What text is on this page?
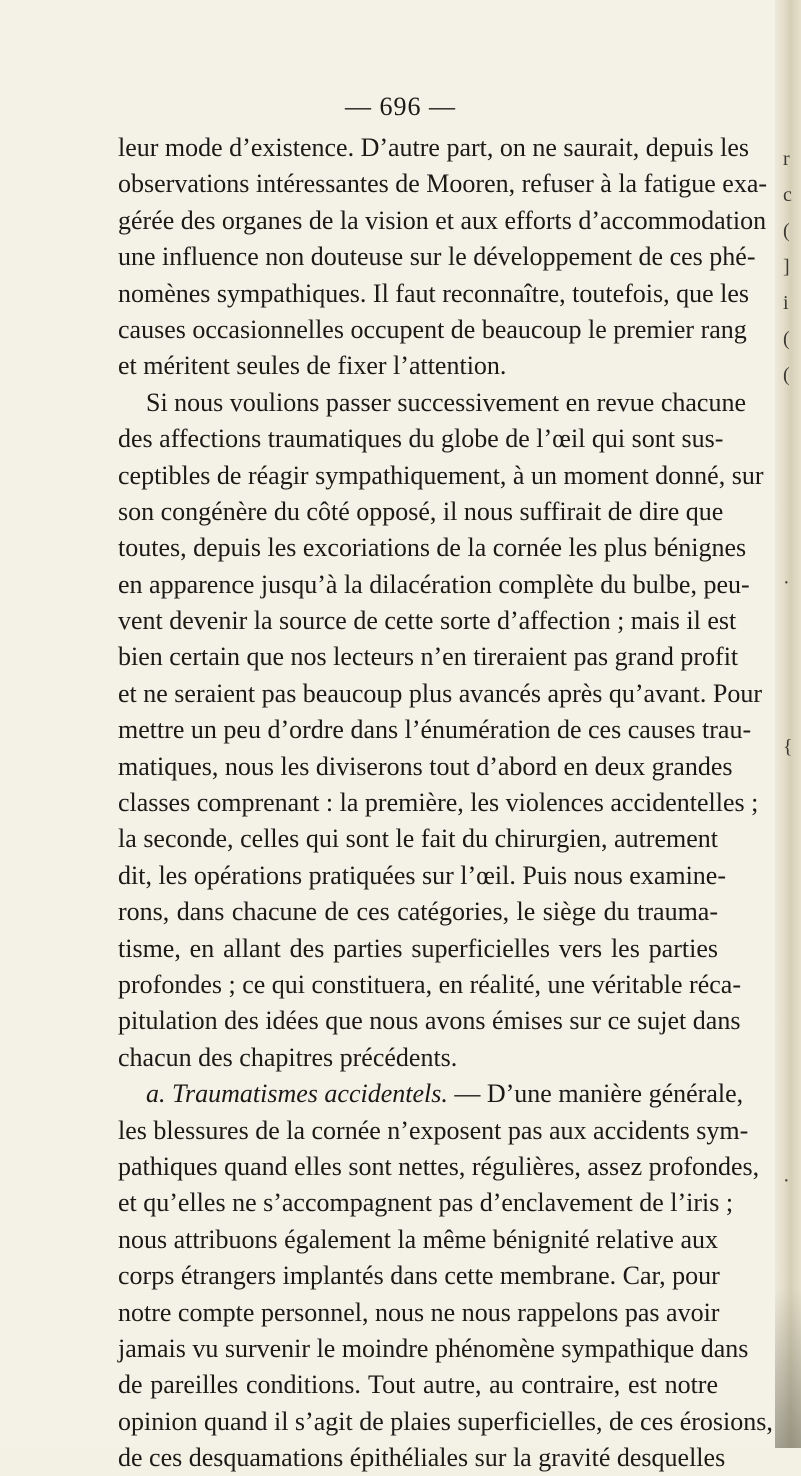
— 696 —
leur mode d’existence. D’autre part, on ne saurait, depuis les
observations intéressantes de Mooren, refuser à la fatigue exa-
gérée des organes de la vision et aux efforts d’accommodation
une influence non douteuse sur le développement de ces phé-
nomènes sympathiques. Il faut reconnaître, toutefois, que les
causes occasionnelles occupent de beaucoup le premier rang
et méritent seules de fixer l’attention.
Si nous voulions passer successivement en revue chacune
des affections traumatiques du globe de l’œil qui sont sus-
ceptibles de réagir sympathiquement, à un moment donné, sur
son congénère du côté opposé, il nous suffirait de dire que
toutes, depuis les excoriations de la cornée les plus bénignes
en apparence jusqu’à la dilacération complète du bulbe, peu-
vent devenir la source de cette sorte d’affection ; mais il est
bien certain que nos lecteurs n’en tireraient pas grand profit
et ne seraient pas beaucoup plus avancés après qu’avant. Pour
mettre un peu d’ordre dans l’énumération de ces causes trau-
matiques, nous les diviserons tout d’abord en deux grandes
classes comprenant : la première, les violences accidentelles ;
la seconde, celles qui sont le fait du chirurgien, autrement
dit, les opérations pratiquées sur l’œil. Puis nous examine-
rons, dans chacune de ces catégories, le siège du trauma-
tisme, en allant des parties superficielles vers les parties
profondes ; ce qui constituera, en réalité, une véritable réca-
pitulation des idées que nous avons émises sur ce sujet dans
chacun des chapitres précédents.
a. Traumatismes accidentels. — D’une manière générale,
les blessures de la cornée n’exposent pas aux accidents sym-
pathiques quand elles sont nettes, régulières, assez profondes,
et qu’elles ne s’accompagnent pas d’enclavement de l’iris ;
nous attribuons également la même bénignité relative aux
corps étrangers implantés dans cette membrane. Car, pour
notre compte personnel, nous ne nous rappelons pas avoir
jamais vu survenir le moindre phénomène sympathique dans
de pareilles conditions. Tout autre, au contraire, est notre
opinion quand il s’agit de plaies superficielles, de ces érosions,
de ces desquamations épithéliales sur la gravité desquelles
r
c
(
]
i
(
(
·
{
·
